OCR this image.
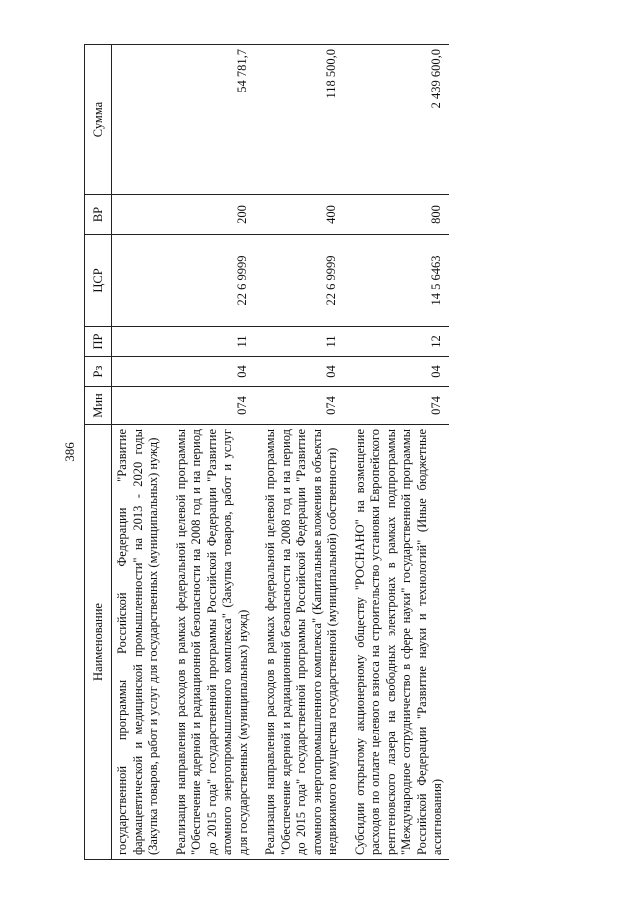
386
Наименование	Мин	Рз	ПР	ЦСР	ВР	Сумма
государственной программы Российской Федерации "Развитие фармацевтической и медицинской промышленности" на 2013 - 2020 годы (Закупка товаров, работ и услуг для государственных (муниципальных) нужд)						

Реализация направления расходов в рамках федеральной целевой программы "Обеспечение ядерной и радиационной безопасности на 2008 год и на период до 2015 года" государственной программы Российской Федерации "Развитие атомного энергопромышленного комплекса" (Закупка товаров, работ и услуг для государственных (муниципальных) нужд)	074	04	11	22 6 9999	200	54 781,7

Реализация направления расходов в рамках федеральной целевой программы "Обеспечение ядерной и радиационной безопасности на 2008 год и на период до 2015 года" государственной программы Российской Федерации "Развитие атомного энергопромышленного комплекса" (Капитальные вложения в объекты недвижимого имущества государственной (муниципальной) собственности)	074	04	11	22 6 9999	400	118 500,0

Субсидии открытому акционерному обществу "РОСНАНО" на возмещение расходов по оплате целевого взноса на строительство установки Европейского рентгеновского лазера на свободных электронах в рамках подпрограммы "Международное сотрудничество в сфере науки" государственной программы Российской Федерации "Развитие науки и технологий" (Иные бюджетные ассигнования)	074	04	12	14 5 6463	800	2 439 600,0
